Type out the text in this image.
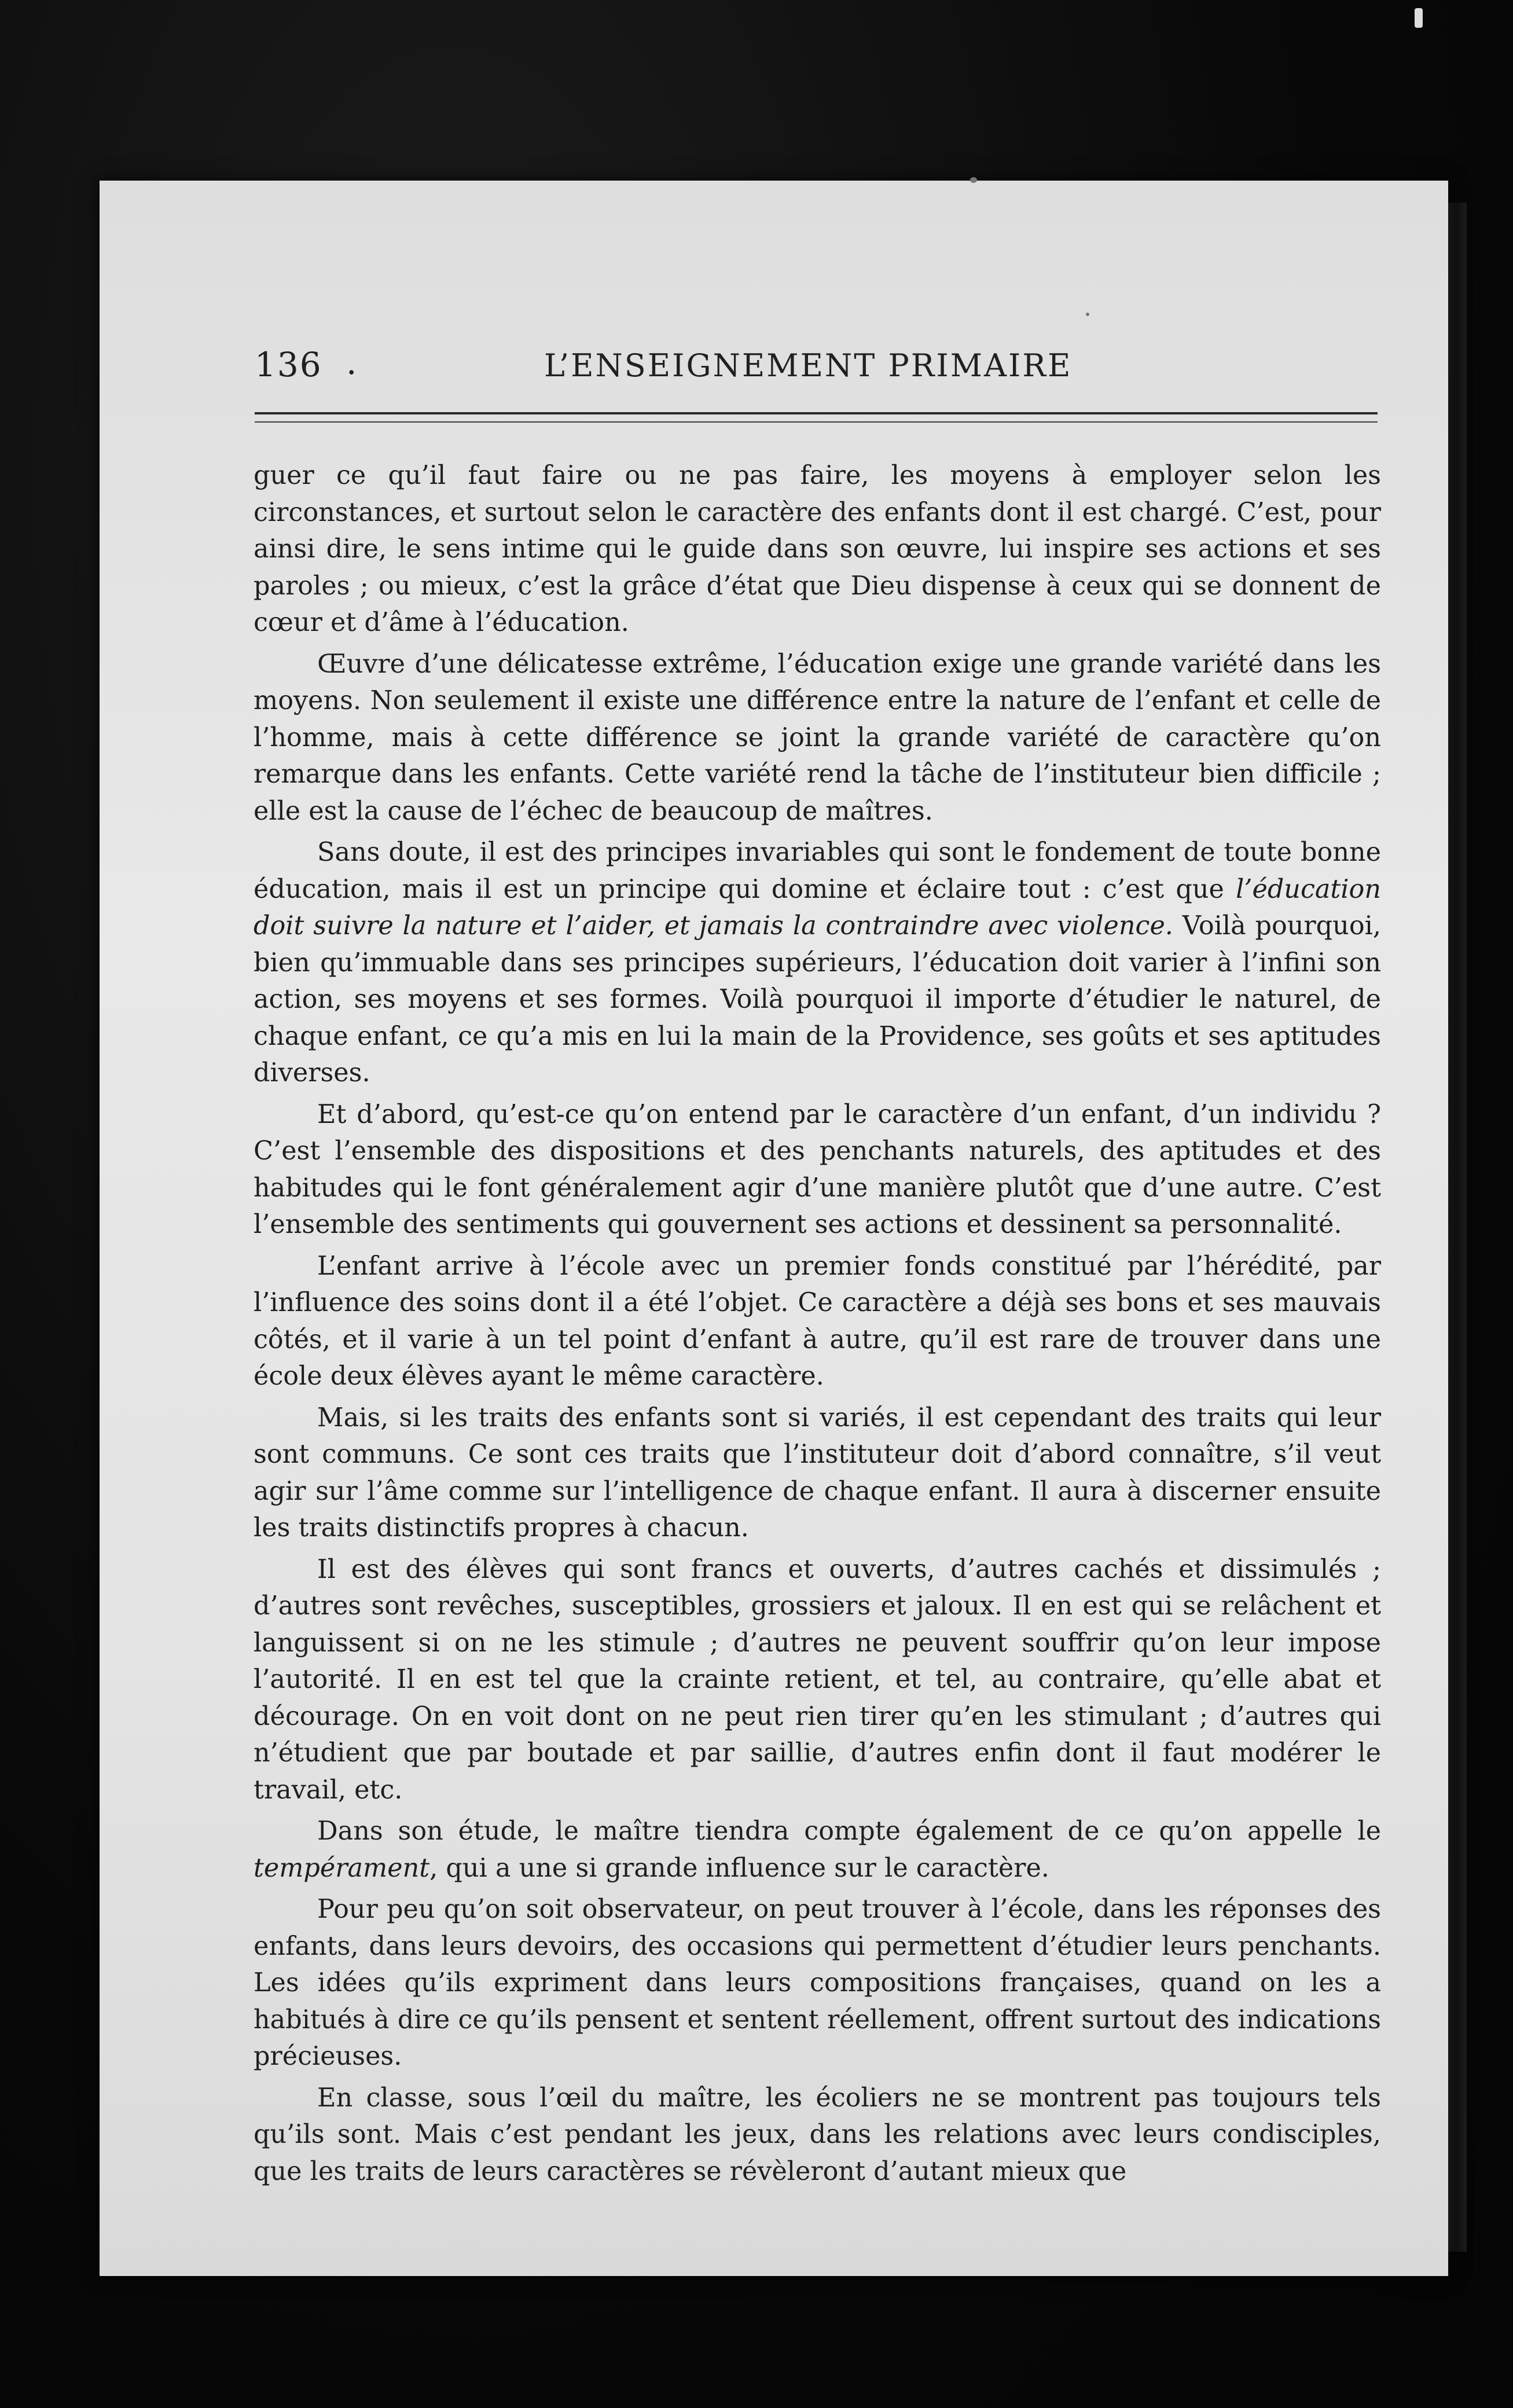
136 .	L’ENSEIGNEMENT PRIMAIRE

guer ce qu’il faut faire ou ne pas faire, les moyens à employer selon les circonstances, et surtout selon le caractère des enfants dont il est chargé. C’est, pour ainsi dire, le sens intime qui le guide dans son œuvre, lui inspire ses actions et ses paroles ; ou mieux, c’est la grâce d’état que Dieu dispense à ceux qui se donnent de cœur et d’âme à l’éducation.

Œuvre d’une délicatesse extrême, l’éducation exige une grande variété dans les moyens. Non seulement il existe une différence entre la nature de l’enfant et celle de l’homme, mais à cette différence se joint la grande variété de caractère qu’on remarque dans les enfants. Cette variété rend la tâche de l’instituteur bien difficile ; elle est la cause de l’échec de beaucoup de maîtres.

Sans doute, il est des principes invariables qui sont le fondement de toute bonne éducation, mais il est un principe qui domine et éclaire tout : c’est que l’éducation doit suivre la nature et l’aider, et jamais la contraindre avec violence. Voilà pourquoi, bien qu’immuable dans ses principes supérieurs, l’éducation doit varier à l’infini son action, ses moyens et ses formes. Voilà pourquoi il importe d’étudier le naturel, de chaque enfant, ce qu’a mis en lui la main de la Providence, ses goûts et ses aptitudes diverses.

Et d’abord, qu’est-ce qu’on entend par le caractère d’un enfant, d’un individu ? C’est l’ensemble des dispositions et des penchants naturels, des aptitudes et des habitudes qui le font généralement agir d’une manière plutôt que d’une autre. C’est l’ensemble des sentiments qui gouvernent ses actions et dessinent sa personnalité.

L’enfant arrive à l’école avec un premier fonds constitué par l’hérédité, par l’influence des soins dont il a été l’objet. Ce caractère a déjà ses bons et ses mauvais côtés, et il varie à un tel point d’enfant à autre, qu’il est rare de trouver dans une école deux élèves ayant le même caractère.

Mais, si les traits des enfants sont si variés, il est cependant des traits qui leur sont communs. Ce sont ces traits que l’instituteur doit d’abord connaître, s’il veut agir sur l’âme comme sur l’intelligence de chaque enfant. Il aura à discerner ensuite les traits distinctifs propres à chacun.

Il est des élèves qui sont francs et ouverts, d’autres cachés et dissimulés ; d’autres sont revêches, susceptibles, grossiers et jaloux. Il en est qui se relâchent et languissent si on ne les stimule ; d’autres ne peuvent souffrir qu’on leur impose l’autorité. Il en est tel que la crainte retient, et tel, au contraire, qu’elle abat et décourage. On en voit dont on ne peut rien tirer qu’en les stimulant ; d’autres qui n’étudient que par boutade et par saillie, d’autres enfin dont il faut modérer le travail, etc.

Dans son étude, le maître tiendra compte également de ce qu’on appelle le tempérament, qui a une si grande influence sur le caractère.

Pour peu qu’on soit observateur, on peut trouver à l’école, dans les réponses des enfants, dans leurs devoirs, des occasions qui permettent d’étudier leurs penchants. Les idées qu’ils expriment dans leurs compositions françaises, quand on les a habitués à dire ce qu’ils pensent et sentent réellement, offrent surtout des indications précieuses.

En classe, sous l’œil du maître, les écoliers ne se montrent pas toujours tels qu’ils sont. Mais c’est pendant les jeux, dans les relations avec leurs condisciples, que les traits de leurs caractères se révèleront d’autant mieux que
